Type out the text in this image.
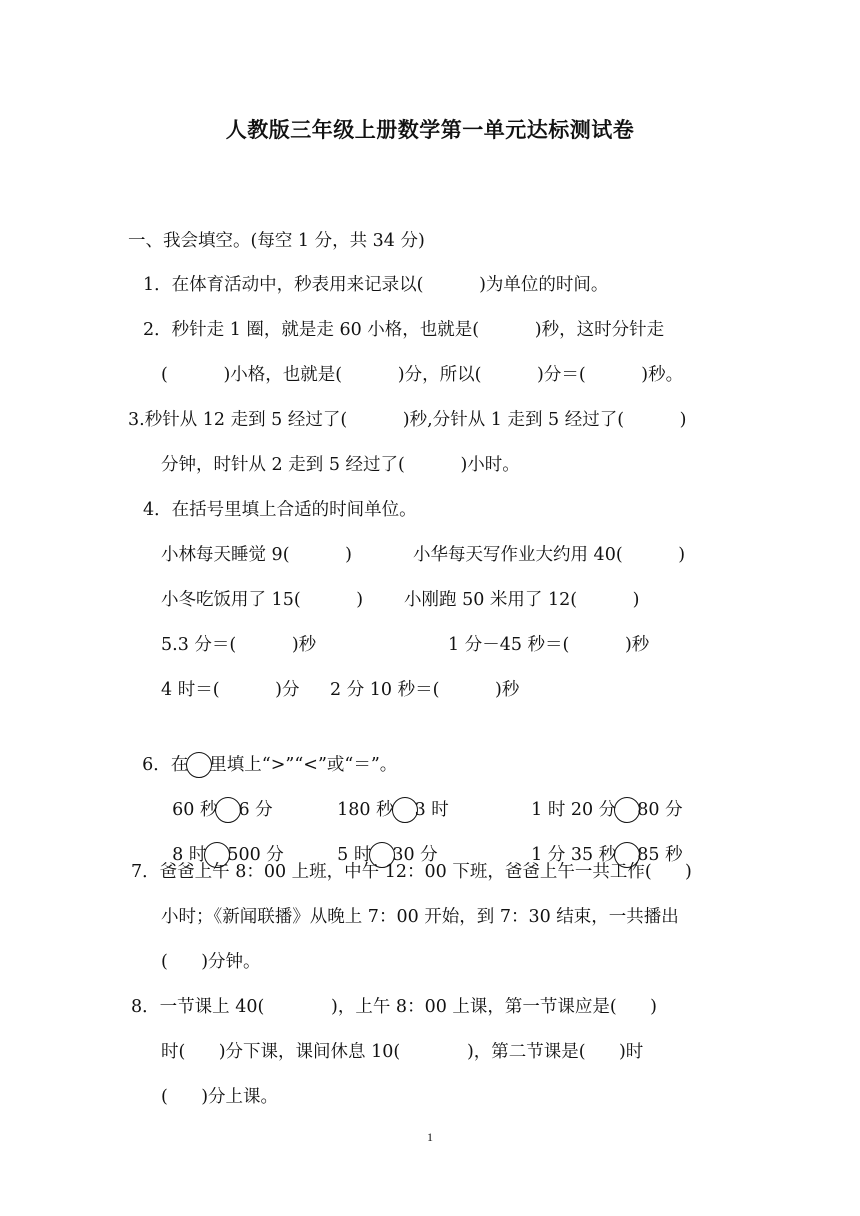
人教版三年级上册数学第一单元达标测试卷
一、我会填空。(每空 1 分，共 34 分)
1．在体育活动中，秒表用来记录以(          )为单位的时间。
2．秒针走 1 圈，就是走 60 小格，也就是(          )秒，这时分针走
(          )小格，也就是(          )分，所以(          )分＝(          )秒。
3.秒针从 12 走到 5 经过了(          )秒,分针从 1 走到 5 经过了(          )
分钟，时针从 2 走到 5 经过了(          )小时。
4．在括号里填上合适的时间单位。
小林每天睡觉 9(          )	小华每天写作业大约用 40(          )
小冬吃饭用了 15(          ) 小刚跑 50 米用了 12(          )
5.3 分＝(          )秒	1 分－45 秒＝(          )秒
4 时＝(          )分 2 分 10 秒＝(          )秒

6．在 里填上“>”“<”或“＝”。

60 秒 6 分	180 秒 3 时	1 时 20 分 80 分

8 时 500 分	5 时 30 分	1 分 35 秒 85 秒

7．爸爸上午 8：00 上班，中午 12：00 下班，爸爸上午一共工作(      )
小时；《新闻联播》从晚上 7：00 开始，到 7：30 结束，一共播出
(      )分钟。
8．一节课上 40(            )，上午 8：00 上课，第一节课应是(      )
时(      )分下课，课间休息 10(            )，第二节课是(      )时
(      )分上课。
1
